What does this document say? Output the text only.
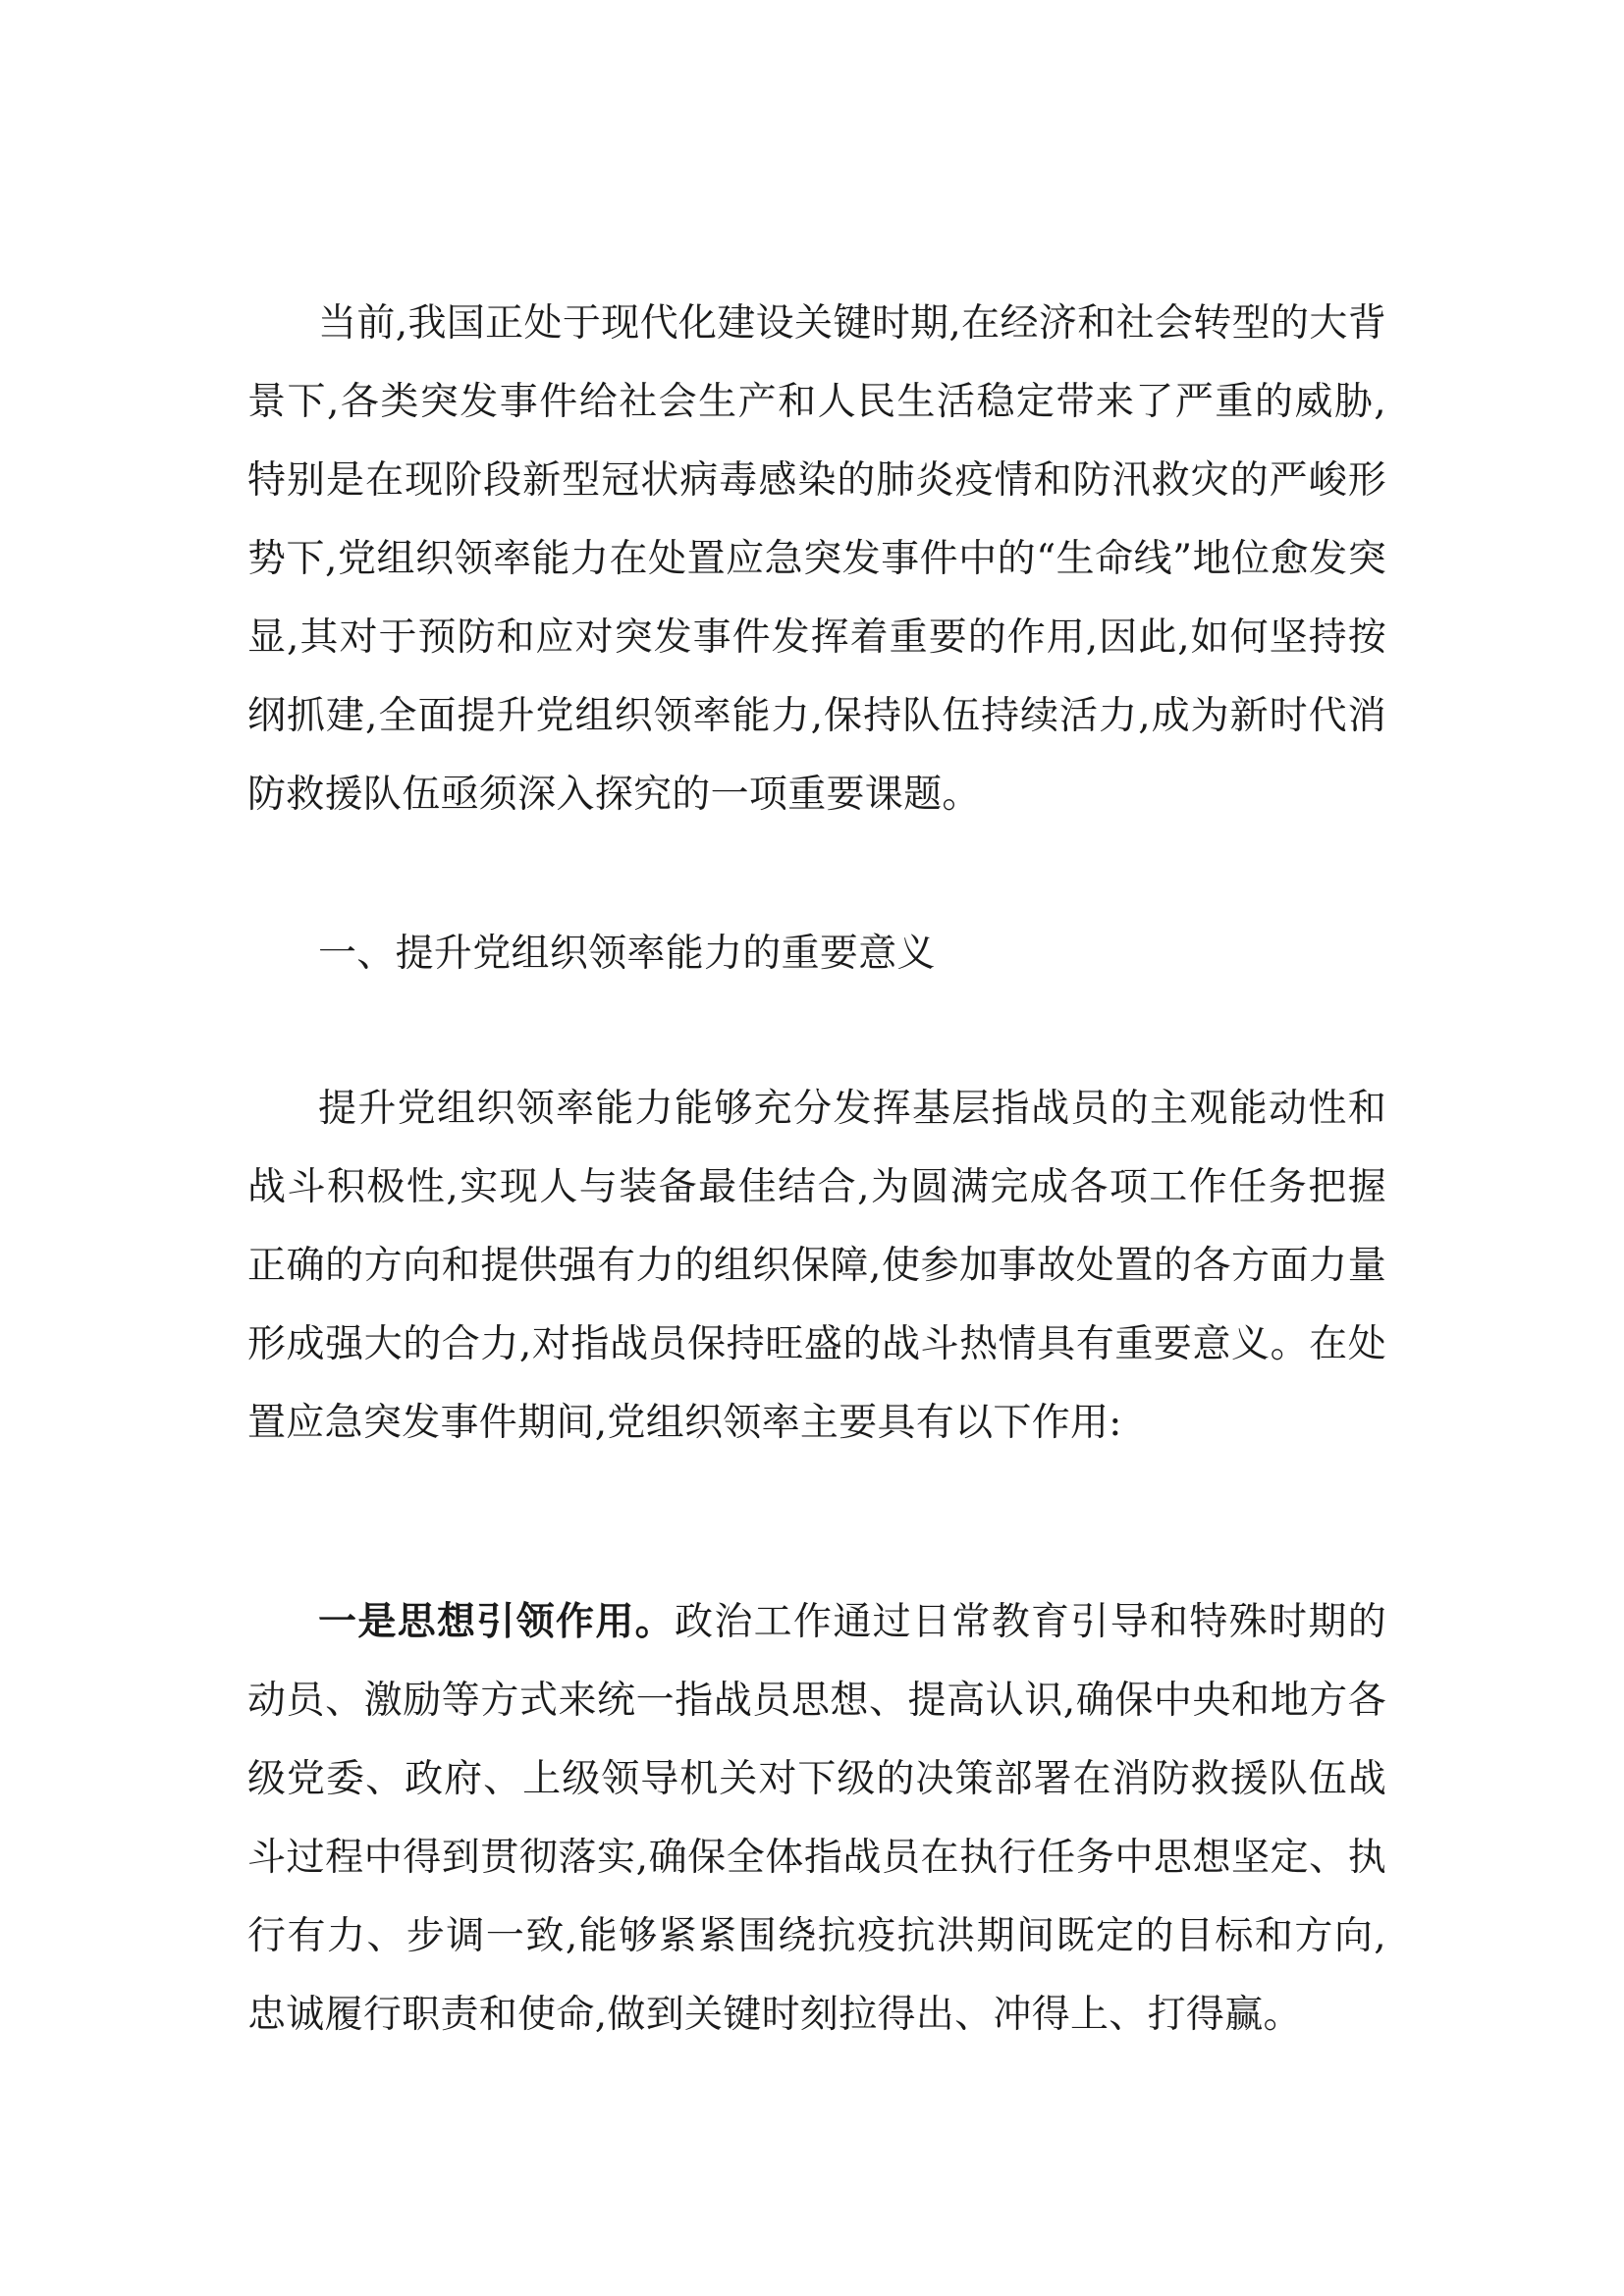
当前,我国正处于现代化建设关键时期,在经济和社会转型的大背景下,各类突发事件给社会生产和人民生活稳定带来了严重的威胁,特别是在现阶段新型冠状病毒感染的肺炎疫情和防汛救灾的严峻形势下,党组织领率能力在处置应急突发事件中的“生命线”地位愈发突显,其对于预防和应对突发事件发挥着重要的作用,因此,如何坚持按纲抓建,全面提升党组织领率能力,保持队伍持续活力,成为新时代消防救援队伍亟须深入探究的一项重要课题。

一、提升党组织领率能力的重要意义

提升党组织领率能力能够充分发挥基层指战员的主观能动性和战斗积极性,实现人与装备最佳结合,为圆满完成各项工作任务把握正确的方向和提供强有力的组织保障,使参加事故处置的各方面力量形成强大的合力,对指战员保持旺盛的战斗热情具有重要意义。在处置应急突发事件期间,党组织领率主要具有以下作用:

一是思想引领作用。政治工作通过日常教育引导和特殊时期的动员、激励等方式来统一指战员思想、提高认识,确保中央和地方各级党委、政府、上级领导机关对下级的决策部署在消防救援队伍战斗过程中得到贯彻落实,确保全体指战员在执行任务中思想坚定、执行有力、步调一致,能够紧紧围绕抗疫抗洪期间既定的目标和方向,忠诚履行职责和使命,做到关键时刻拉得出、冲得上、打得赢。
